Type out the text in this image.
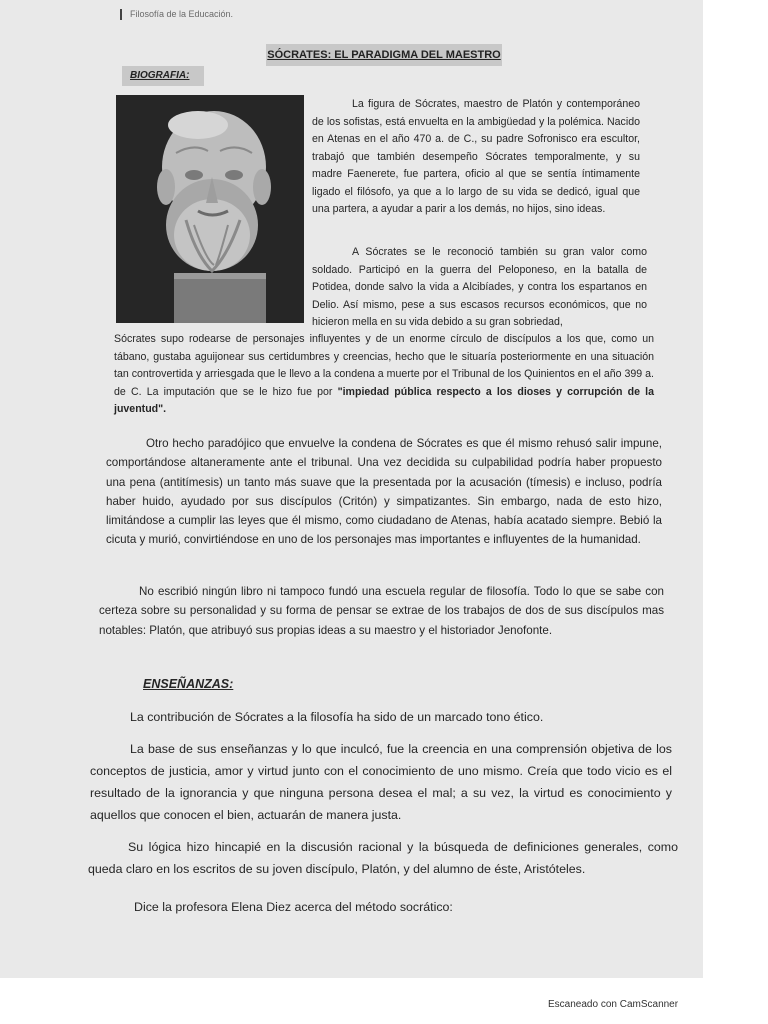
Filosofía de la Educación.
SÓCRATES: EL PARADIGMA DEL MAESTRO
BIOGRAFIA:
La figura de Sócrates, maestro de Platón y contemporáneo de los sofistas, está envuelta en la ambigüedad y la polémica. Nacido en Atenas en el año 470 a. de C., su padre Sofronisco era escultor, trabajó que también desempeño Sócrates temporalmente, y su madre Faenerete, fue partera, oficio al que se sentía íntimamente ligado el filósofo, ya que a lo largo de su vida se dedicó, igual que una partera, a ayudar a parir a los demás, no hijos, sino ideas.
A Sócrates se le reconoció también su gran valor como soldado. Participó en la guerra del Peloponeso, en la batalla de Potidea, donde salvo la vida a Alcibíades, y contra los espartanos en Delio. Así mismo, pese a sus escasos recursos económicos, que no hicieron mella en su vida debido a su gran sobriedad,
Sócrates supo rodearse de personajes influyentes y de un enorme círculo de discípulos a los que, como un tábano, gustaba aguijonear sus certidumbres y creencias, hecho que le situaría posteriormente en una situación tan controvertida y arriesgada que le llevo a la condena a muerte por el Tribunal de los Quinientos en el año 399 a. de C. La imputación que se le hizo fue por "impiedad pública respecto a los dioses y corrupción de la juventud".
Otro hecho paradójico que envuelve la condena de Sócrates es que él mismo rehusó salir impune, comportándose altaneramente ante el tribunal. Una vez decidida su culpabilidad podría haber propuesto una pena (antitímesis) un tanto más suave que la presentada por la acusación (tímesis) e incluso, podría haber huido, ayudado por sus discípulos (Critón) y simpatizantes. Sin embargo, nada de esto hizo, limitándose a cumplir las leyes que él mismo, como ciudadano de Atenas, había acatado siempre. Bebió la cicuta y murió, convirtiéndose en uno de los personajes mas importantes e influyentes de la humanidad.
No escribió ningún libro ni tampoco fundó una escuela regular de filosofía. Todo lo que se sabe con certeza sobre su personalidad y su forma de pensar se extrae de los trabajos de dos de sus discípulos mas notables: Platón, que atribuyó sus propias ideas a su maestro y el historiador Jenofonte.
ENSEÑANZAS:
La contribución de Sócrates a la filosofía ha sido de un marcado tono ético.
La base de sus enseñanzas y lo que inculcó, fue la creencia en una comprensión objetiva de los conceptos de justicia, amor y virtud junto con el conocimiento de uno mismo. Creía que todo vicio es el resultado de la ignorancia y que ninguna persona desea el mal; a su vez, la virtud es conocimiento y aquellos que conocen el bien, actuarán de manera justa.
Su lógica hizo hincapié en la discusión racional y la búsqueda de definiciones generales, como queda claro en los escritos de su joven discípulo, Platón, y del alumno de éste, Aristóteles.
Dice la profesora Elena Diez acerca del método socrático:
Escaneado con CamScanner
